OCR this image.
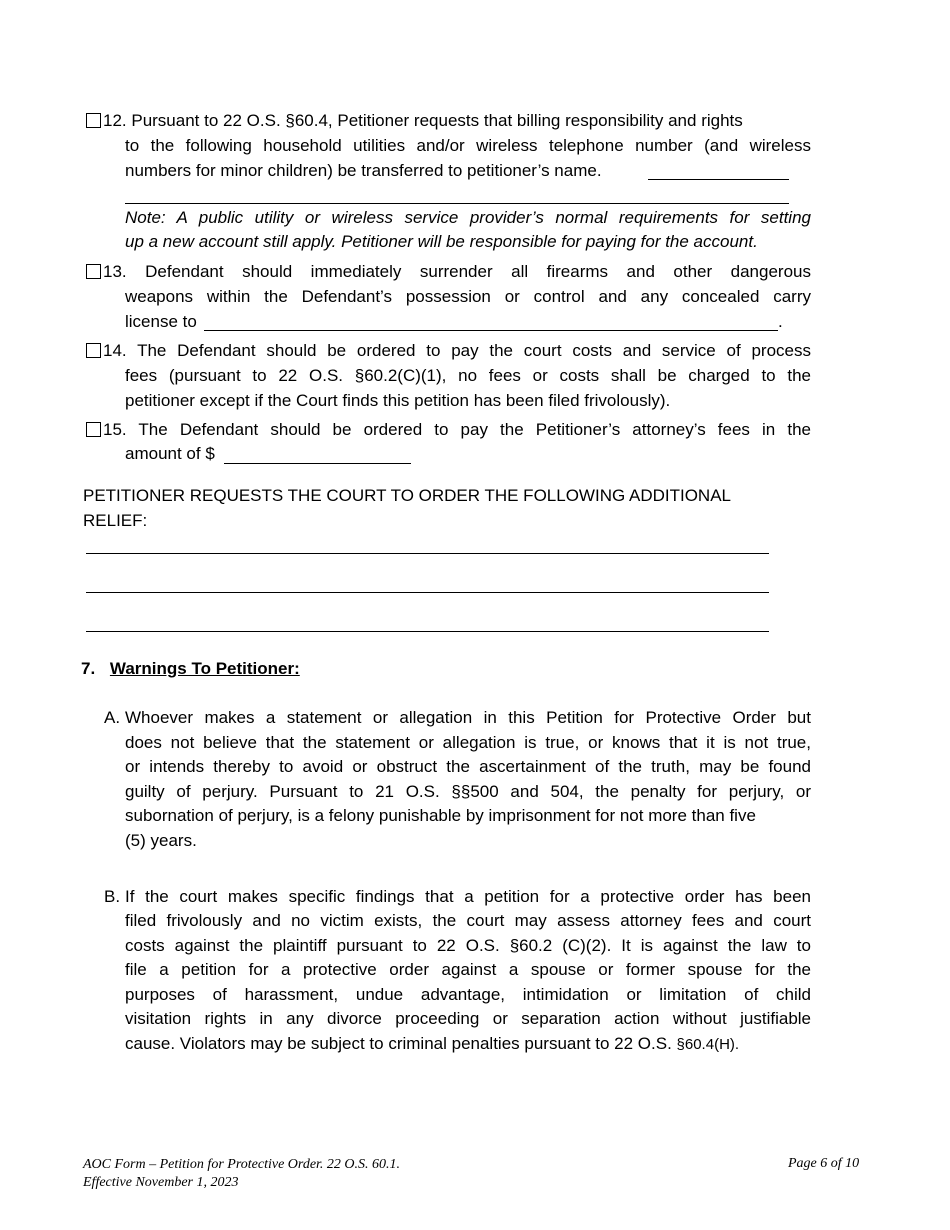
12. Pursuant to 22 O.S. §60.4, Petitioner requests that billing responsibility and rights
to the following household utilities and/or wireless telephone number (and wireless
numbers for minor children) be transferred to petitioner’s name.
Note: A public utility or wireless service provider’s normal requirements for setting
up a new account still apply. Petitioner will be responsible for paying for the account.
13. Defendant should immediately surrender all firearms and other dangerous
weapons within the Defendant’s possession or control and any concealed carry
license to	.
14. The Defendant should be ordered to pay the court costs and service of process
fees (pursuant to 22 O.S. §60.2(C)(1), no fees or costs shall be charged to the
petitioner except if the Court finds this petition has been filed frivolously).
15. The Defendant should be ordered to pay the Petitioner’s attorney’s fees in the
amount of $
PETITIONER REQUESTS THE COURT TO ORDER THE FOLLOWING ADDITIONAL
RELIEF:
7. Warnings To Petitioner:
A. Whoever makes a statement or allegation in this Petition for Protective Order but
does not believe that the statement or allegation is true, or knows that it is not true,
or intends thereby to avoid or obstruct the ascertainment of the truth, may be found
guilty of perjury. Pursuant to 21 O.S. §§500 and 504, the penalty for perjury, or
subornation of perjury, is a felony punishable by imprisonment for not more than five
(5) years.
B. If the court makes specific findings that a petition for a protective order has been
filed frivolously and no victim exists, the court may assess attorney fees and court
costs against the plaintiff pursuant to 22 O.S. §60.2 (C)(2). It is against the law to
file a petition for a protective order against a spouse or former spouse for the
purposes of harassment, undue advantage, intimidation or limitation of child
visitation rights in any divorce proceeding or separation action without justifiable
cause. Violators may be subject to criminal penalties pursuant to 22 O.S. §60.4(H).
AOC Form – Petition for Protective Order. 22 O.S. 60.1.
Effective November 1, 2023
Page 6 of 10
